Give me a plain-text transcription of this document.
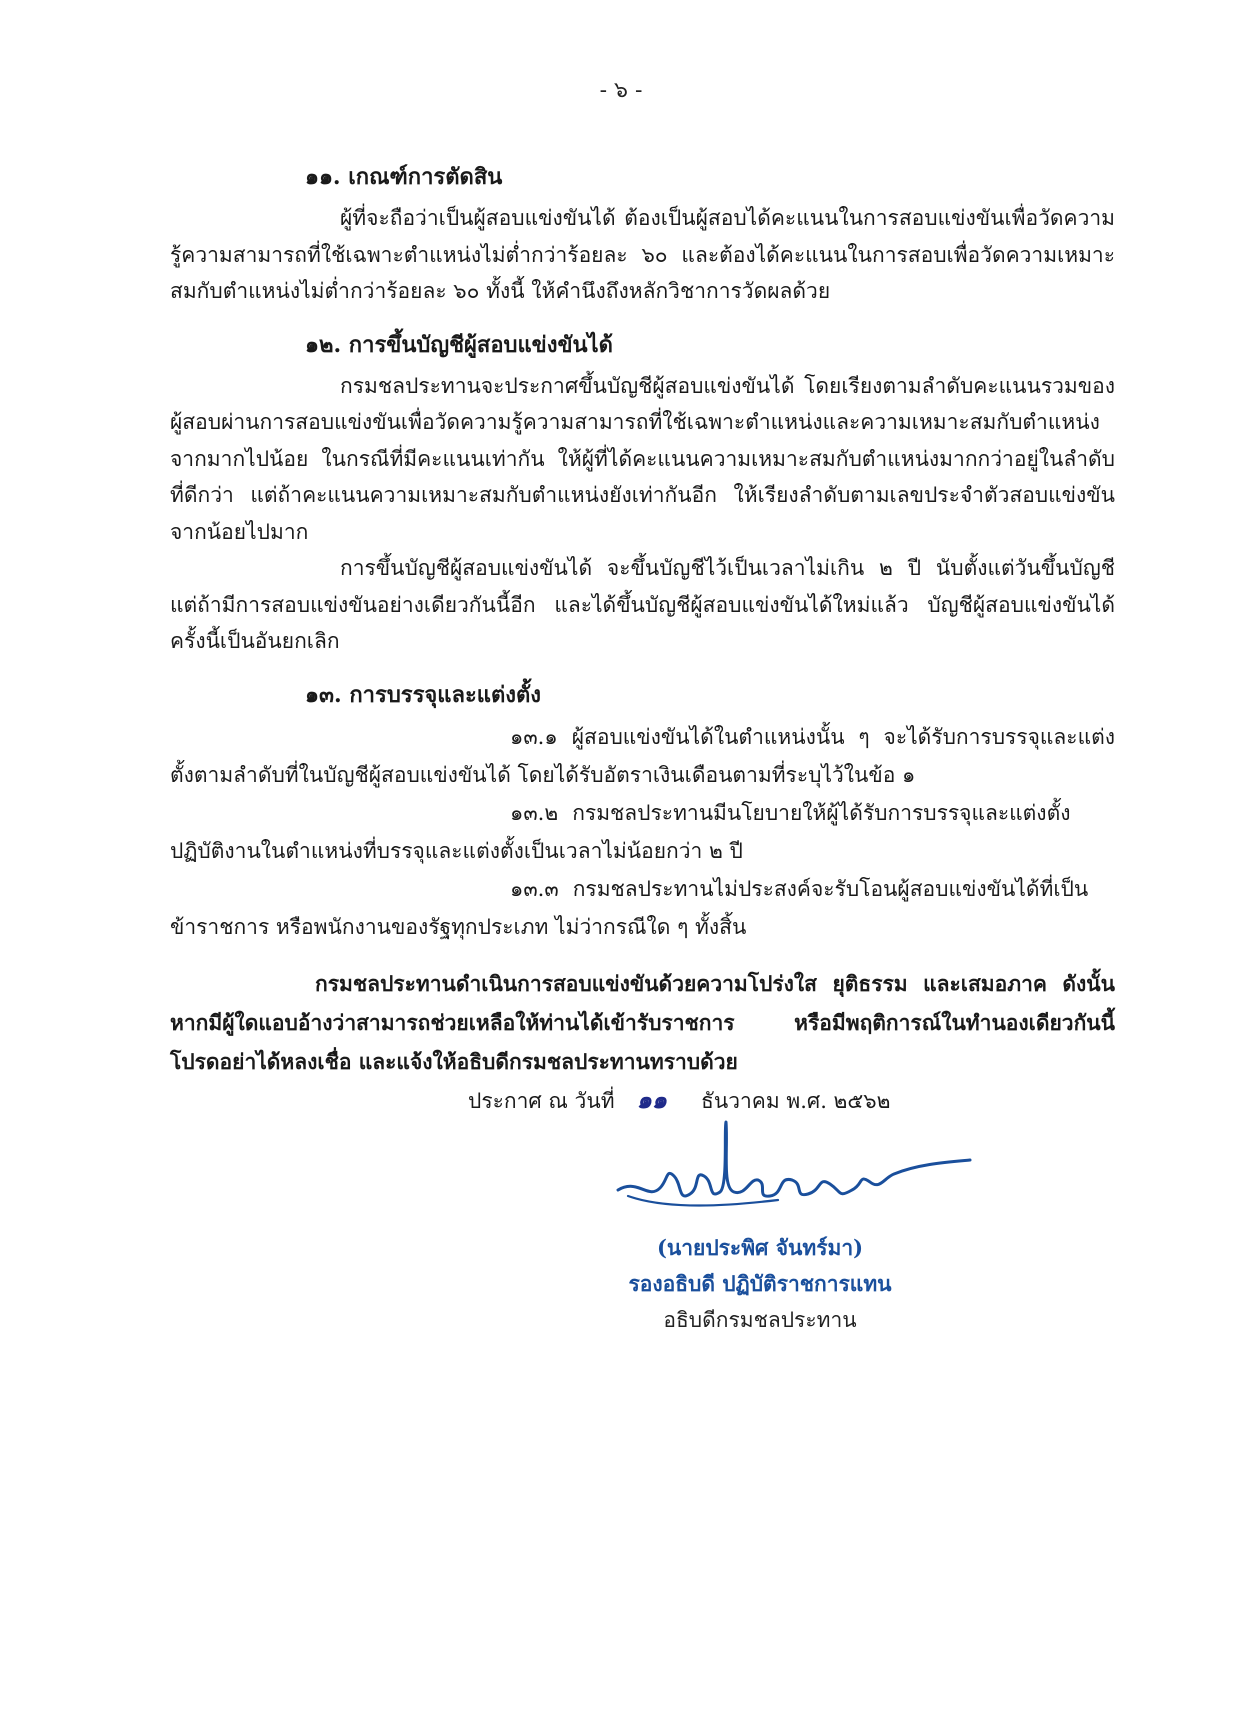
- ๖ -
๑๑. เกณฑ์การตัดสิน

ผู้ที่จะถือว่าเป็นผู้สอบแข่งขันได้ ต้องเป็นผู้สอบได้คะแนนในการสอบแข่งขันเพื่อวัดความรู้ความสามารถที่ใช้เฉพาะตำแหน่งไม่ต่ำกว่าร้อยละ ๖๐ และต้องได้คะแนนในการสอบเพื่อวัดความเหมาะสมกับตำแหน่งไม่ต่ำกว่าร้อยละ ๖๐ ทั้งนี้ ให้คำนึงถึงหลักวิชาการวัดผลด้วย

๑๒. การขึ้นบัญชีผู้สอบแข่งขันได้

กรมชลประทานจะประกาศขึ้นบัญชีผู้สอบแข่งขันได้ โดยเรียงตามลำดับคะแนนรวมของผู้สอบผ่านการสอบแข่งขันเพื่อวัดความรู้ความสามารถที่ใช้เฉพาะตำแหน่งและความเหมาะสมกับตำแหน่งจากมากไปน้อย ในกรณีที่มีคะแนนเท่ากัน ให้ผู้ที่ได้คะแนนความเหมาะสมกับตำแหน่งมากกว่าอยู่ในลำดับที่ดีกว่า แต่ถ้าคะแนนความเหมาะสมกับตำแหน่งยังเท่ากันอีก ให้เรียงลำดับตามเลขประจำตัวสอบแข่งขันจากน้อยไปมาก

การขึ้นบัญชีผู้สอบแข่งขันได้ จะขึ้นบัญชีไว้เป็นเวลาไม่เกิน ๒ ปี นับตั้งแต่วันขึ้นบัญชี แต่ถ้ามีการสอบแข่งขันอย่างเดียวกันนี้อีก และได้ขึ้นบัญชีผู้สอบแข่งขันได้ใหม่แล้ว บัญชีผู้สอบแข่งขันได้ครั้งนี้เป็นอันยกเลิก

๑๓. การบรรจุและแต่งตั้ง

๑๓.๑ ผู้สอบแข่งขันได้ในตำแหน่งนั้น ๆ จะได้รับการบรรจุและแต่งตั้งตามลำดับที่ในบัญชีผู้สอบแข่งขันได้ โดยได้รับอัตราเงินเดือนตามที่ระบุไว้ในข้อ ๑

๑๓.๒ กรมชลประทานมีนโยบายให้ผู้ได้รับการบรรจุและแต่งตั้งปฏิบัติงานในตำแหน่งที่บรรจุและแต่งตั้งเป็นเวลาไม่น้อยกว่า ๒ ปี

๑๓.๓ กรมชลประทานไม่ประสงค์จะรับโอนผู้สอบแข่งขันได้ที่เป็นข้าราชการ หรือพนักงานของรัฐทุกประเภท ไม่ว่ากรณีใด ๆ ทั้งสิ้น

กรมชลประทานดำเนินการสอบแข่งขันด้วยความโปร่งใส ยุติธรรม และเสมอภาค ดังนั้น หากมีผู้ใดแอบอ้างว่าสามารถช่วยเหลือให้ท่านได้เข้ารับราชการ หรือมีพฤติการณ์ในทำนองเดียวกันนี้ โปรดอย่าได้หลงเชื่อ และแจ้งให้อธิบดีกรมชลประทานทราบด้วย

ประกาศ ณ วันที่ ๑๑ ธันวาคม พ.ศ. ๒๕๖๒
(นายประพิศ จันทร์มา)
รองอธิบดี ปฏิบัติราชการแทน
อธิบดีกรมชลประทาน
